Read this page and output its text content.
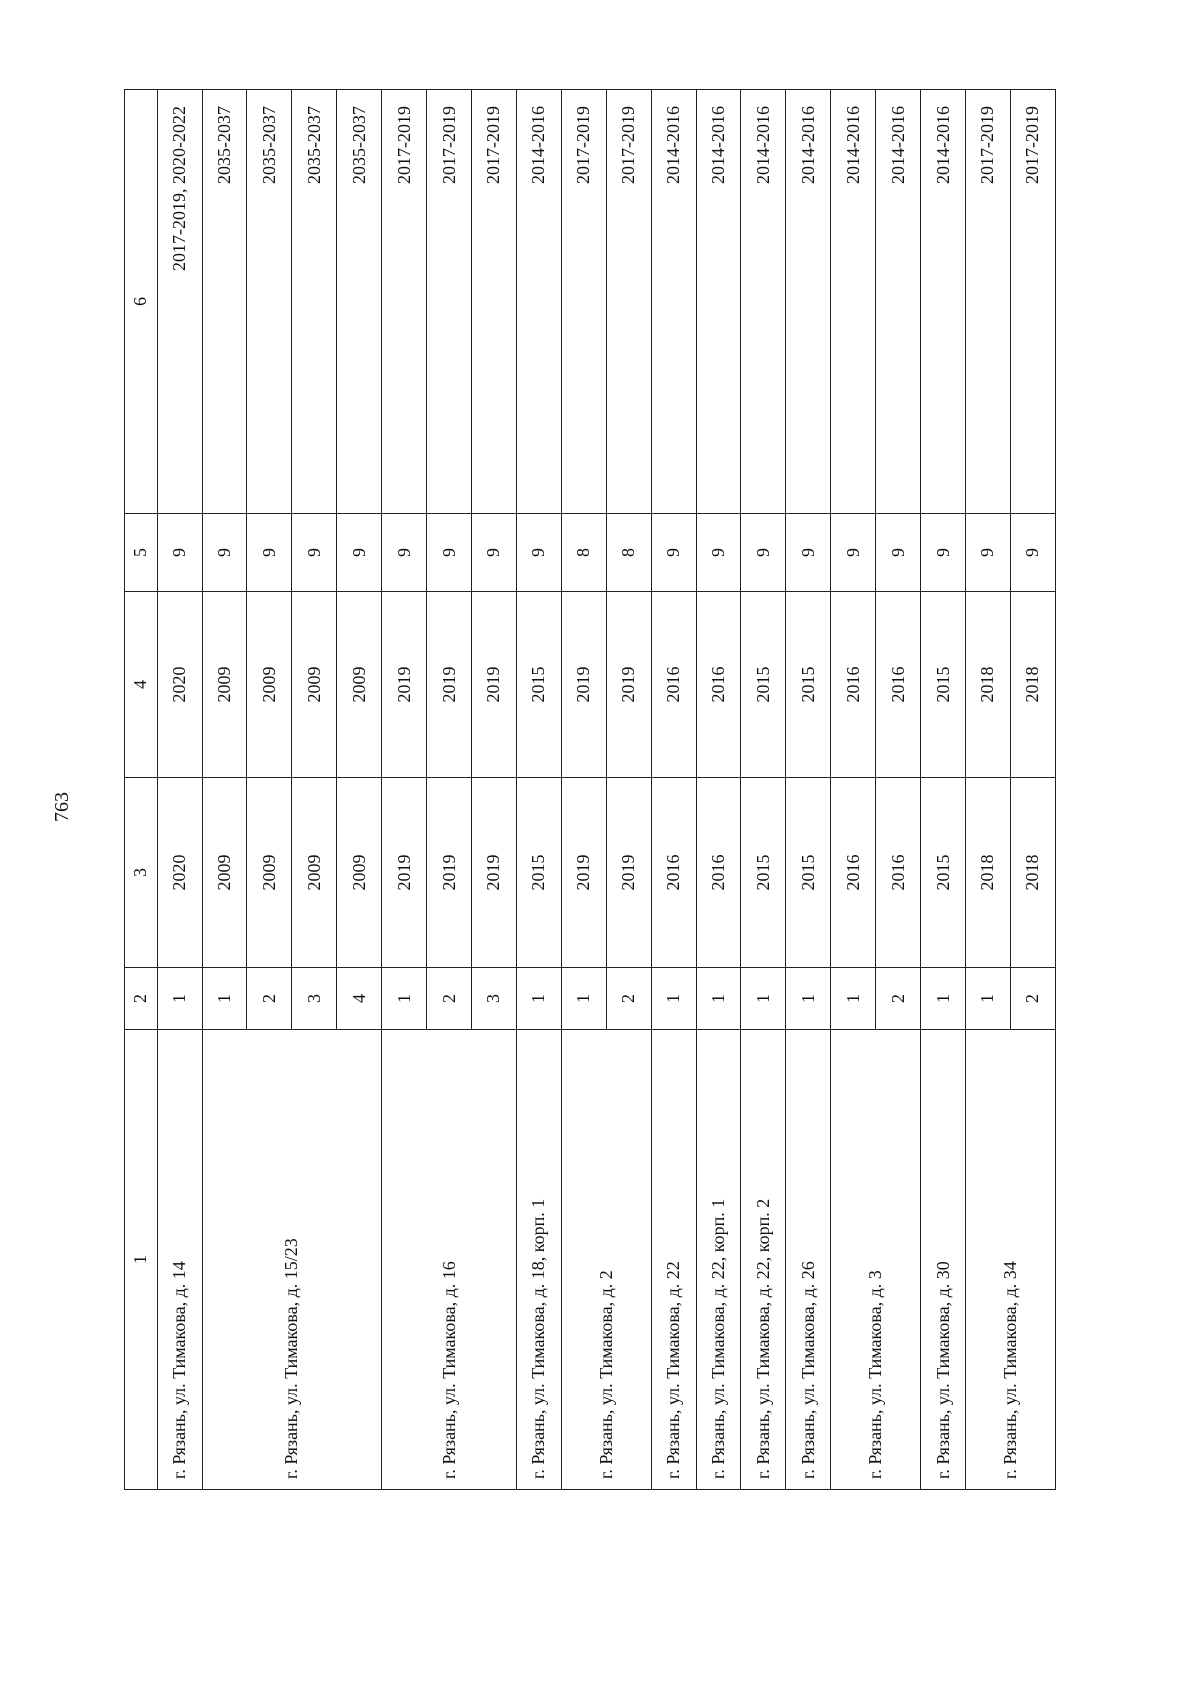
763
1	2	3	4	5	6
г. Рязань, ул. Тимакова, д. 14	1	2020	2020	9	2017-2019, 2020-2022
г. Рязань, ул. Тимакова, д. 15/23	1	2009	2009	9	2035-2037
	2	2009	2009	9	2035-2037
	3	2009	2009	9	2035-2037
	4	2009	2009	9	2035-2037
г. Рязань, ул. Тимакова, д. 16	1	2019	2019	9	2017-2019
	2	2019	2019	9	2017-2019
	3	2019	2019	9	2017-2019
г. Рязань, ул. Тимакова, д. 18, корп. 1	1	2015	2015	9	2014-2016
г. Рязань, ул. Тимакова, д. 2	1	2019	2019	8	2017-2019
	2	2019	2019	8	2017-2019
г. Рязань, ул. Тимакова, д. 22	1	2016	2016	9	2014-2016
г. Рязань, ул. Тимакова, д. 22, корп. 1	1	2016	2016	9	2014-2016
г. Рязань, ул. Тимакова, д. 22, корп. 2	1	2015	2015	9	2014-2016
г. Рязань, ул. Тимакова, д. 26	1	2015	2015	9	2014-2016
г. Рязань, ул. Тимакова, д. 3	1	2016	2016	9	2014-2016
	2	2016	2016	9	2014-2016
г. Рязань, ул. Тимакова, д. 30	1	2015	2015	9	2014-2016
г. Рязань, ул. Тимакова, д. 34	1	2018	2018	9	2017-2019
	2	2018	2018	9	2017-2019
